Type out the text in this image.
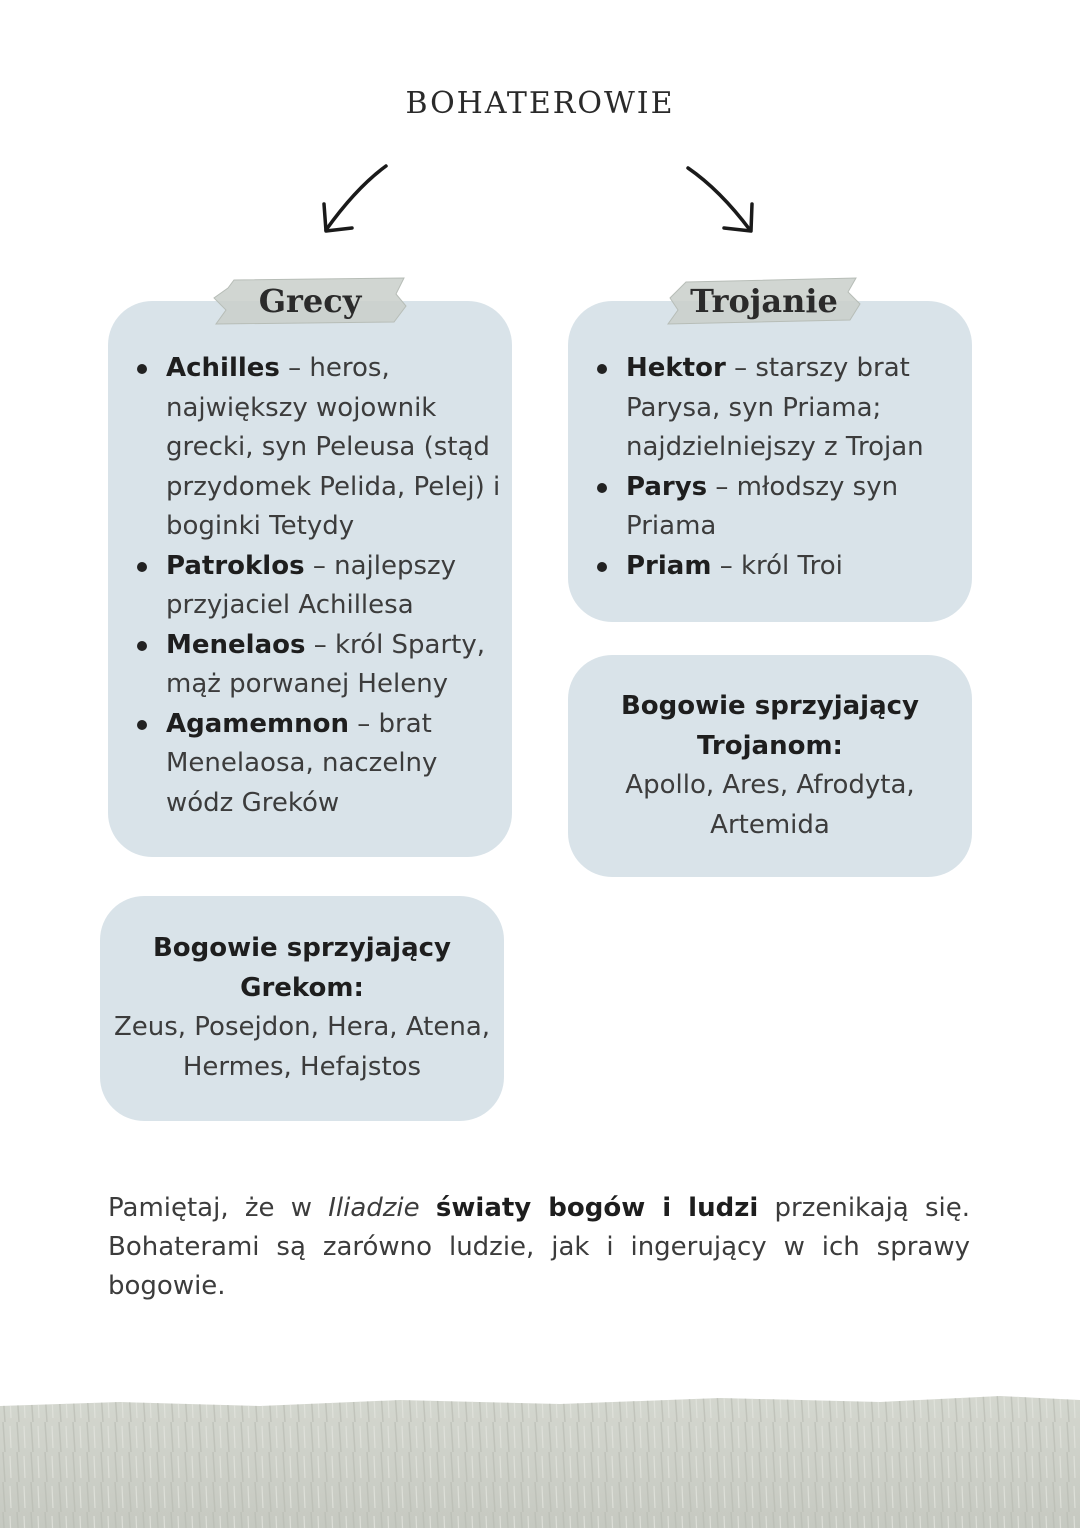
BOHATEROWIE
Achilles – heros, największy wojownik grecki, syn Peleusa (stąd przydomek Pelida, Pelej) i boginki Tetydy
Patroklos – najlepszy przyjaciel Achillesa
Menelaos – król Sparty, mąż porwanej Heleny
Agamemnon – brat Menelaosa, naczelny wódz Greków
Grecy
Hektor – starszy brat Parysa, syn Priama; najdzielniejszy z Trojan
Parys – młodszy syn Priama
Priam – król Troi
Trojanie
Bogowie sprzyjający
Trojanom:
Apollo, Ares, Afrodyta,
Artemida
Bogowie sprzyjający
Grekom:
Zeus, Posejdon, Hera, Atena,
Hermes, Hefajstos
Pamiętaj, że w Iliadzie światy bogów i ludzi przenikają się. Bohaterami są zarówno ludzie, jak i ingerujący w ich sprawy bogowie.
